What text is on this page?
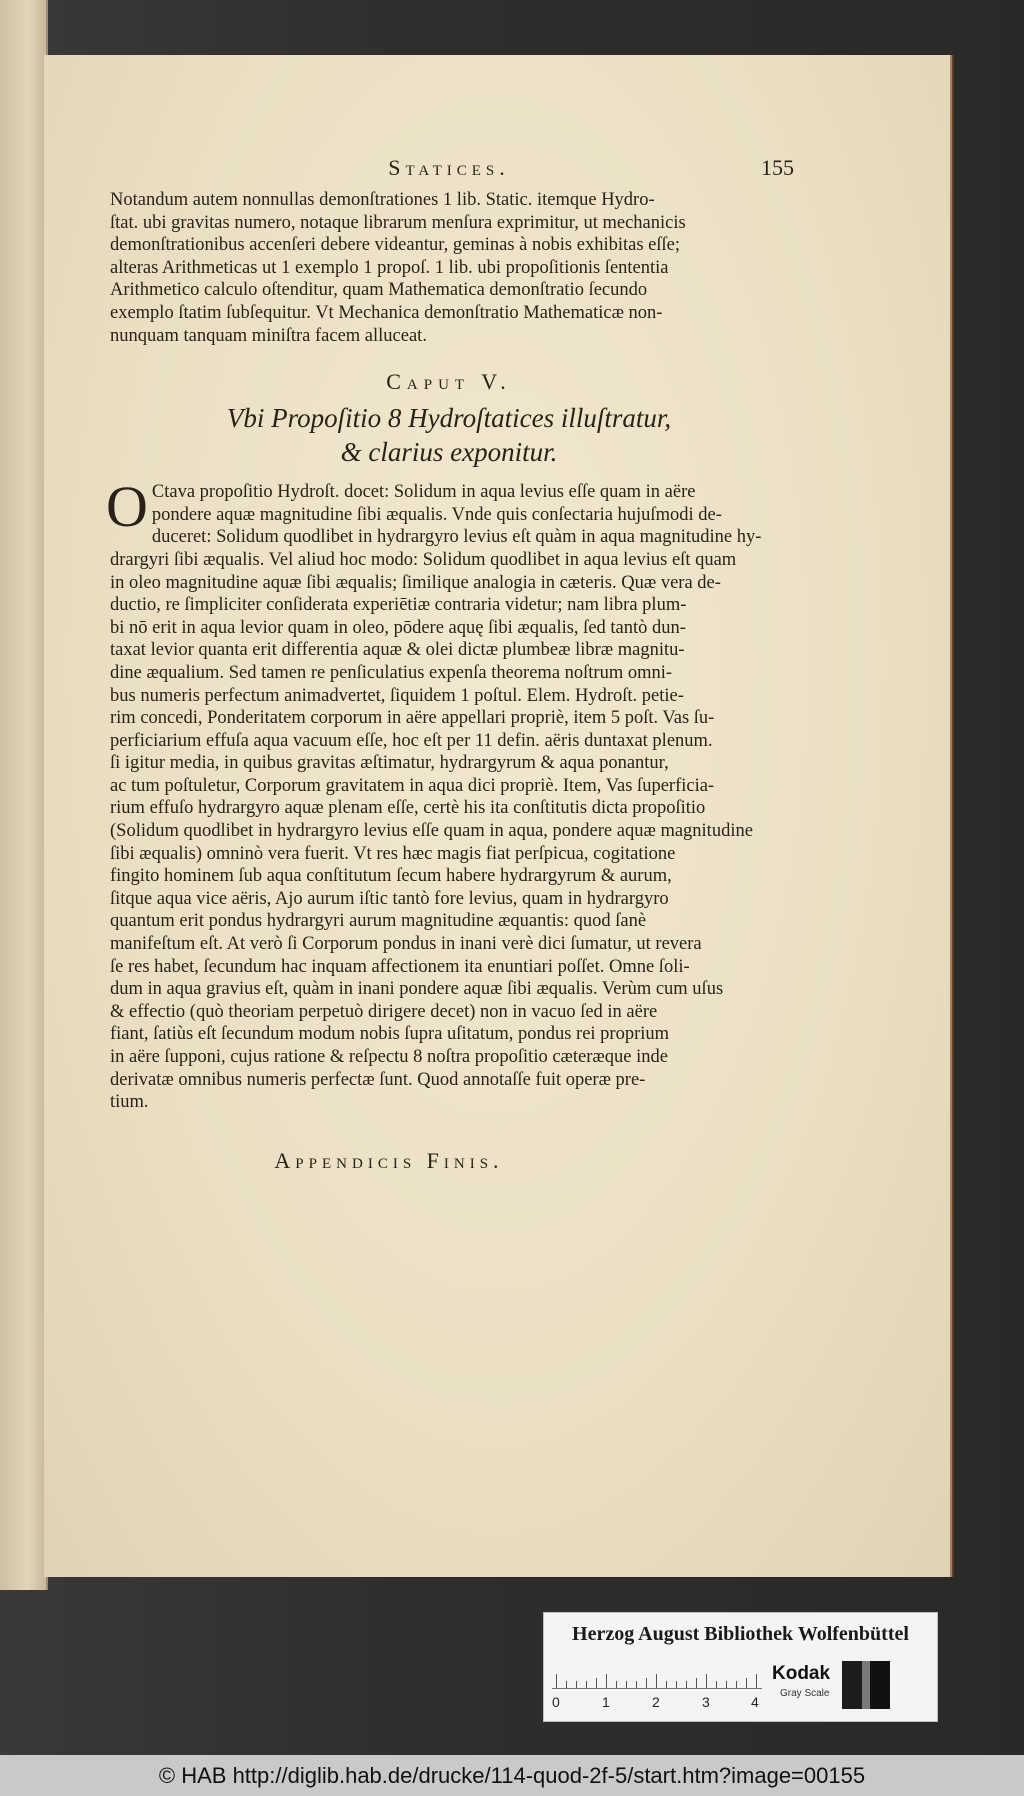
Statices.	155
Notandum autem nonnullas demonſtrationes 1 lib. Static. itemque Hydro-
ſtat. ubi gravitas numero, notaque librarum menſura exprimitur, ut mechanicis
demonſtrationibus accenſeri debere videantur, geminas à nobis exhibitas eſſe;
alteras Arithmeticas ut 1 exemplo 1 propoſ. 1 lib. ubi propoſitionis ſententia
Arithmetico calculo oſtenditur, quam Mathematica demonſtratio ſecundo
exemplo ſtatim ſubſequitur. Vt Mechanica demonſtratio Mathematicæ non-
nunquam tanquam miniſtra facem alluceat.
Caput V.
Vbi Propoſitio 8 Hydroſtatices illuſtratur,
& clarius exponitur.
O Ctava propoſitio Hydroſt. docet: Solidum in aqua levius eſſe quam in aëre
pondere aquæ magnitudine ſibi æqualis. Vnde quis conſectaria hujuſmodi de-
duceret: Solidum quodlibet in hydrargyro levius eſt quàm in aqua magnitudine hy-
drargyri ſibi æqualis. Vel aliud hoc modo: Solidum quodlibet in aqua levius eſt quam
in oleo magnitudine aquæ ſibi æqualis; ſimilique analogia in cæteris. Quæ vera de-
ductio, re ſimpliciter conſiderata experiētiæ contraria videtur; nam libra plum-
bi nō erit in aqua levior quam in oleo, pōdere aquę ſibi æqualis, ſed tantò dun-
taxat levior quanta erit differentia aquæ & olei dictæ plumbeæ libræ magnitu-
dine æqualium. Sed tamen re penſiculatius expenſa theorema noſtrum omni-
bus numeris perfectum animadvertet, ſiquidem 1 poſtul. Elem. Hydroſt. petie-
rim concedi, Ponderitatem corporum in aëre appellari propriè, item 5 poſt. Vas ſu-
perficiarium effuſa aqua vacuum eſſe, hoc eſt per 11 defin. aëris duntaxat plenum.
ſi igitur media, in quibus gravitas æſtimatur, hydrargyrum & aqua ponantur,
ac tum poſtuletur, Corporum gravitatem in aqua dici propriè. Item, Vas ſuperficia-
rium effuſo hydrargyro aquæ plenam eſſe, certè his ita conſtitutis dicta propoſitio
(Solidum quodlibet in hydrargyro levius eſſe quam in aqua, pondere aquæ magnitudine
ſibi æqualis) omninò vera fuerit. Vt res hæc magis fiat perſpicua, cogitatione
fingito hominem ſub aqua conſtitutum ſecum habere hydrargyrum & aurum,
ſitque aqua vice aëris, Ajo aurum iſtic tantò fore levius, quam in hydrargyro
quantum erit pondus hydrargyri aurum magnitudine æquantis: quod ſanè
manifeſtum eſt. At verò ſi Corporum pondus in inani verè dici ſumatur, ut revera
ſe res habet, ſecundum hac inquam affectionem ita enuntiari poſſet. Omne ſoli-
dum in aqua gravius eſt, quàm in inani pondere aquæ ſibi æqualis. Verùm cum uſus
& effectio (quò theoriam perpetuò dirigere decet) non in vacuo ſed in aëre
fiant, ſatiùs eſt ſecundum modum nobis ſupra uſitatum, pondus rei proprium
in aëre ſupponi, cujus ratione & reſpectu 8 noſtra propoſitio cæteræque inde
derivatæ omnibus numeris perfectæ ſunt. Quod annotaſſe fuit operæ pre-
tium.
Appendicis Finis.
Herzog August Bibliothek Wolfenbüttel
0	1	2	3	4
Kodak
Gray Scale
© HAB http://diglib.hab.de/drucke/114-quod-2f-5/start.htm?image=00155
